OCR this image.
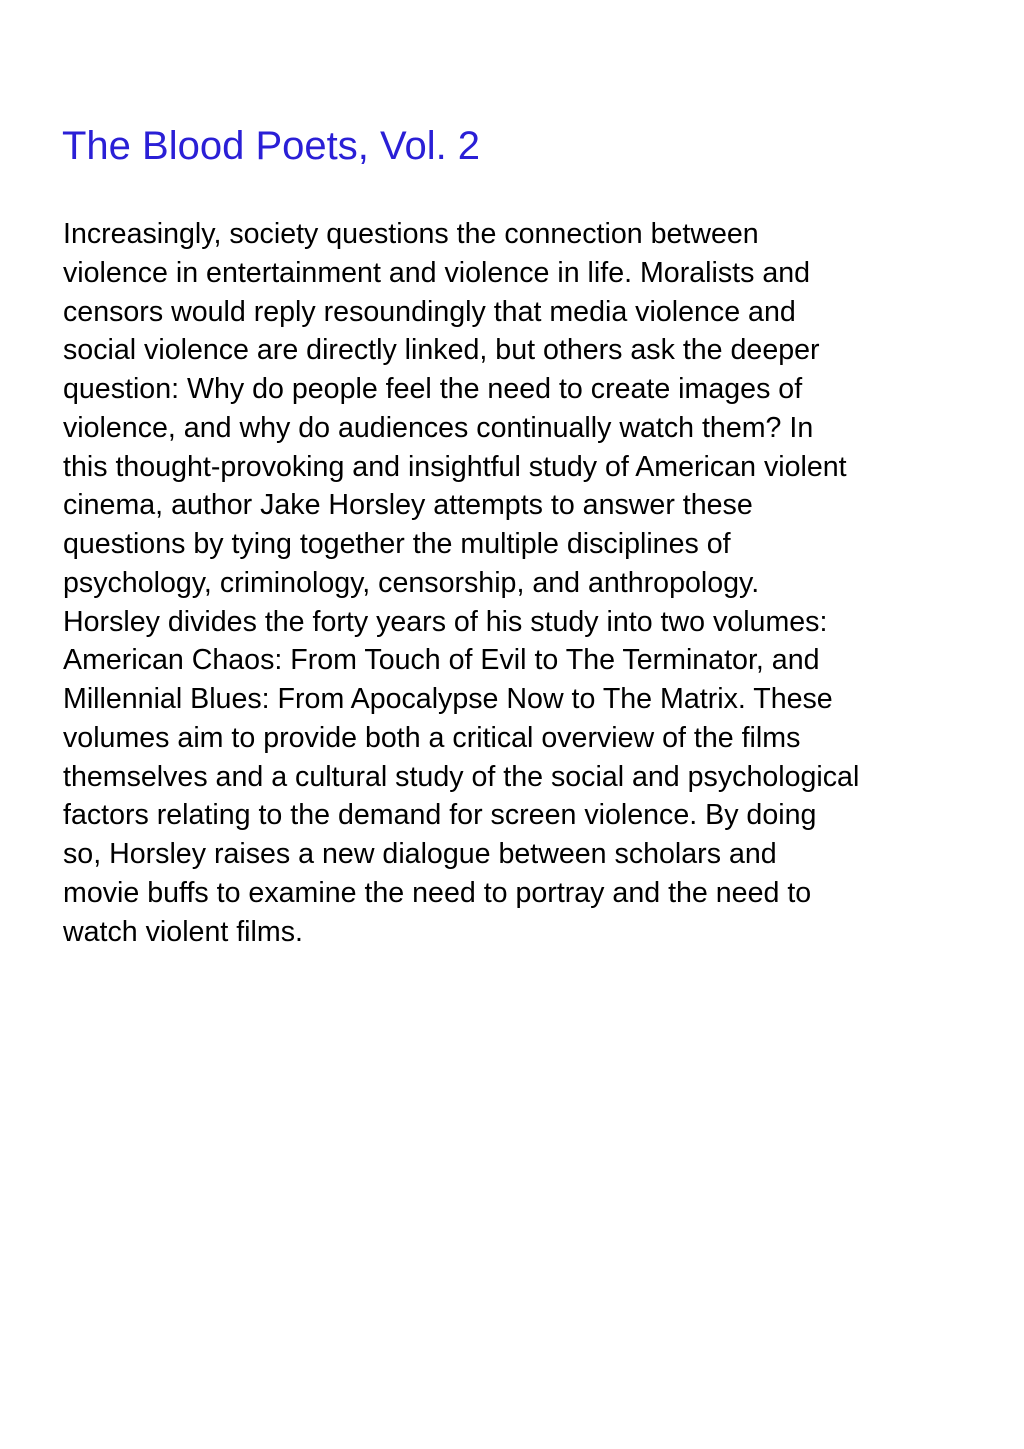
The Blood Poets, Vol. 2
Increasingly, society questions the connection between
violence in entertainment and violence in life. Moralists and
censors would reply resoundingly that media violence and
social violence are directly linked, but others ask the deeper
question: Why do people feel the need to create images of
violence, and why do audiences continually watch them? In
this thought-provoking and insightful study of American violent
cinema, author Jake Horsley attempts to answer these
questions by tying together the multiple disciplines of
psychology, criminology, censorship, and anthropology.
Horsley divides the forty years of his study into two volumes:
American Chaos: From Touch of Evil to The Terminator, and
Millennial Blues: From Apocalypse Now to The Matrix. These
volumes aim to provide both a critical overview of the films
themselves and a cultural study of the social and psychological
factors relating to the demand for screen violence. By doing
so, Horsley raises a new dialogue between scholars and
movie buffs to examine the need to portray and the need to
watch violent films.
